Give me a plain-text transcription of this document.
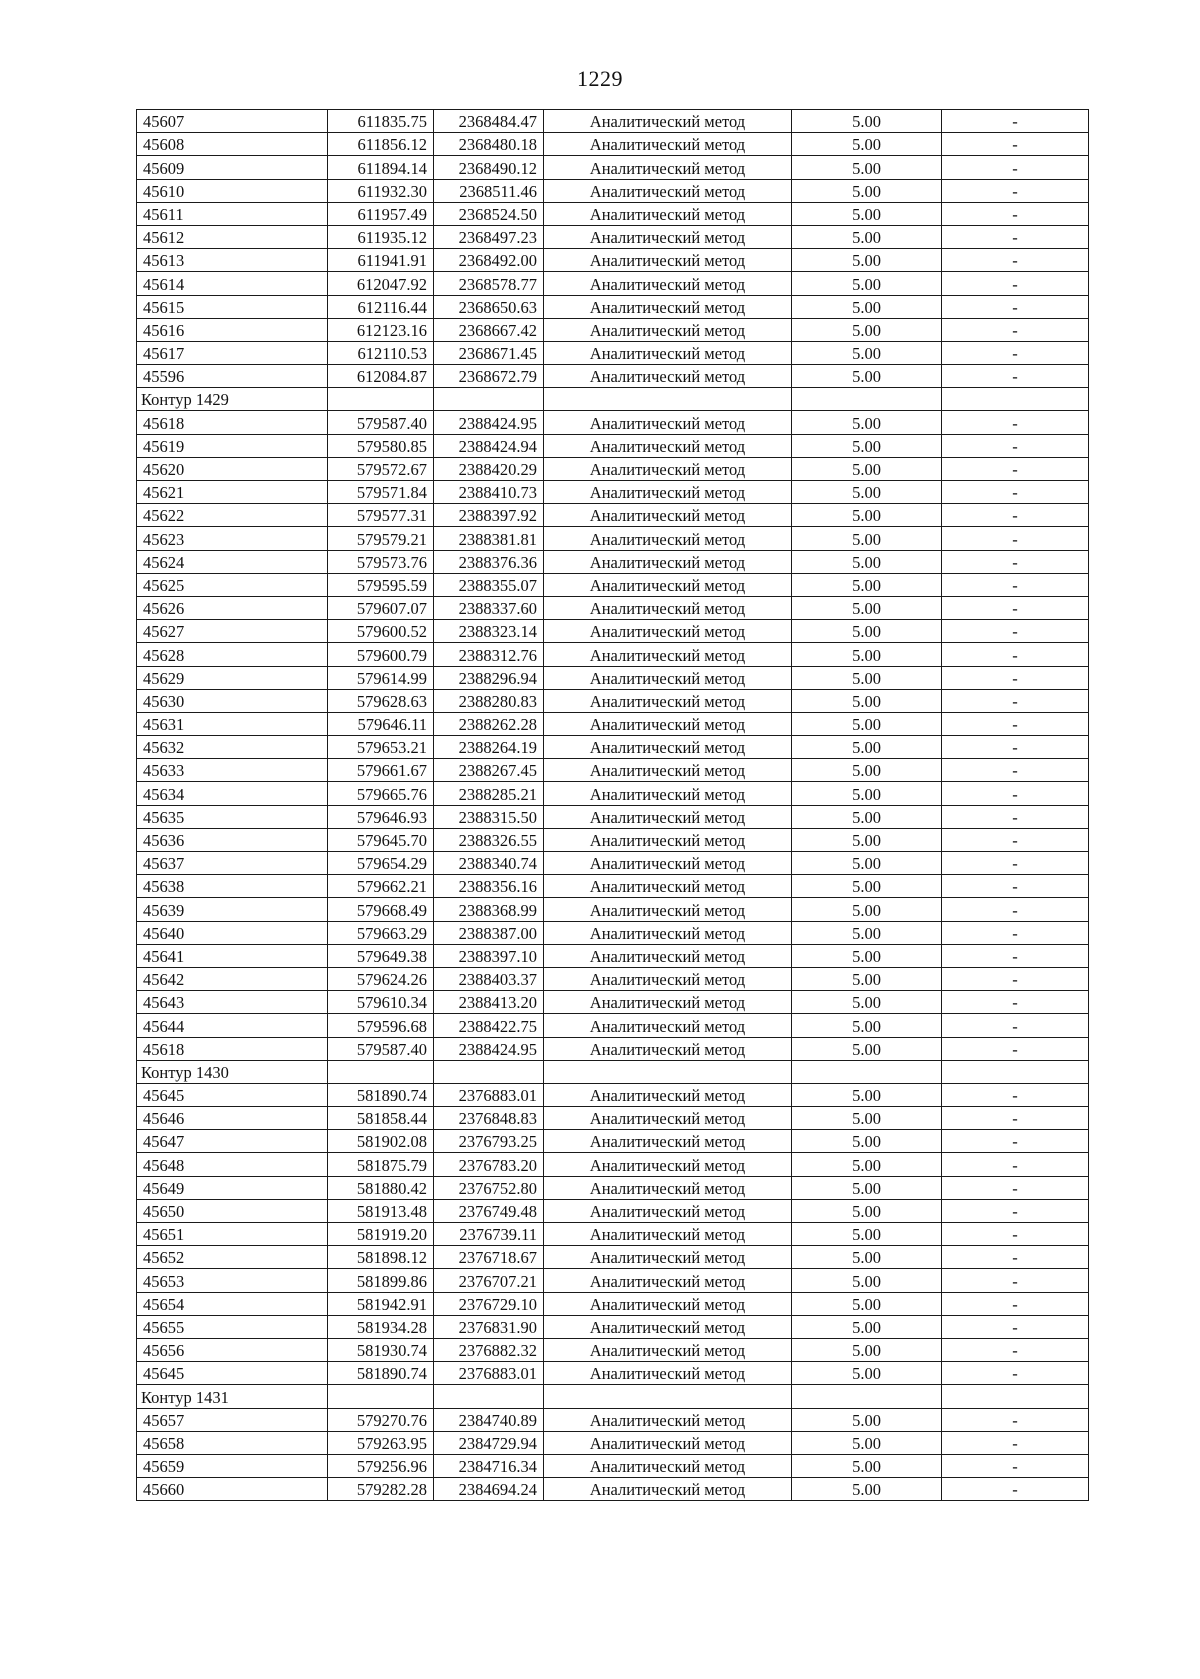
1229
45607	611835.75	2368484.47	Аналитический метод	5.00	-
45608	611856.12	2368480.18	Аналитический метод	5.00	-
45609	611894.14	2368490.12	Аналитический метод	5.00	-
45610	611932.30	2368511.46	Аналитический метод	5.00	-
45611	611957.49	2368524.50	Аналитический метод	5.00	-
45612	611935.12	2368497.23	Аналитический метод	5.00	-
45613	611941.91	2368492.00	Аналитический метод	5.00	-
45614	612047.92	2368578.77	Аналитический метод	5.00	-
45615	612116.44	2368650.63	Аналитический метод	5.00	-
45616	612123.16	2368667.42	Аналитический метод	5.00	-
45617	612110.53	2368671.45	Аналитический метод	5.00	-
45596	612084.87	2368672.79	Аналитический метод	5.00	-
Контур 1429					
45618	579587.40	2388424.95	Аналитический метод	5.00	-
45619	579580.85	2388424.94	Аналитический метод	5.00	-
45620	579572.67	2388420.29	Аналитический метод	5.00	-
45621	579571.84	2388410.73	Аналитический метод	5.00	-
45622	579577.31	2388397.92	Аналитический метод	5.00	-
45623	579579.21	2388381.81	Аналитический метод	5.00	-
45624	579573.76	2388376.36	Аналитический метод	5.00	-
45625	579595.59	2388355.07	Аналитический метод	5.00	-
45626	579607.07	2388337.60	Аналитический метод	5.00	-
45627	579600.52	2388323.14	Аналитический метод	5.00	-
45628	579600.79	2388312.76	Аналитический метод	5.00	-
45629	579614.99	2388296.94	Аналитический метод	5.00	-
45630	579628.63	2388280.83	Аналитический метод	5.00	-
45631	579646.11	2388262.28	Аналитический метод	5.00	-
45632	579653.21	2388264.19	Аналитический метод	5.00	-
45633	579661.67	2388267.45	Аналитический метод	5.00	-
45634	579665.76	2388285.21	Аналитический метод	5.00	-
45635	579646.93	2388315.50	Аналитический метод	5.00	-
45636	579645.70	2388326.55	Аналитический метод	5.00	-
45637	579654.29	2388340.74	Аналитический метод	5.00	-
45638	579662.21	2388356.16	Аналитический метод	5.00	-
45639	579668.49	2388368.99	Аналитический метод	5.00	-
45640	579663.29	2388387.00	Аналитический метод	5.00	-
45641	579649.38	2388397.10	Аналитический метод	5.00	-
45642	579624.26	2388403.37	Аналитический метод	5.00	-
45643	579610.34	2388413.20	Аналитический метод	5.00	-
45644	579596.68	2388422.75	Аналитический метод	5.00	-
45618	579587.40	2388424.95	Аналитический метод	5.00	-
Контур 1430					
45645	581890.74	2376883.01	Аналитический метод	5.00	-
45646	581858.44	2376848.83	Аналитический метод	5.00	-
45647	581902.08	2376793.25	Аналитический метод	5.00	-
45648	581875.79	2376783.20	Аналитический метод	5.00	-
45649	581880.42	2376752.80	Аналитический метод	5.00	-
45650	581913.48	2376749.48	Аналитический метод	5.00	-
45651	581919.20	2376739.11	Аналитический метод	5.00	-
45652	581898.12	2376718.67	Аналитический метод	5.00	-
45653	581899.86	2376707.21	Аналитический метод	5.00	-
45654	581942.91	2376729.10	Аналитический метод	5.00	-
45655	581934.28	2376831.90	Аналитический метод	5.00	-
45656	581930.74	2376882.32	Аналитический метод	5.00	-
45645	581890.74	2376883.01	Аналитический метод	5.00	-
Контур 1431					
45657	579270.76	2384740.89	Аналитический метод	5.00	-
45658	579263.95	2384729.94	Аналитический метод	5.00	-
45659	579256.96	2384716.34	Аналитический метод	5.00	-
45660	579282.28	2384694.24	Аналитический метод	5.00	-
